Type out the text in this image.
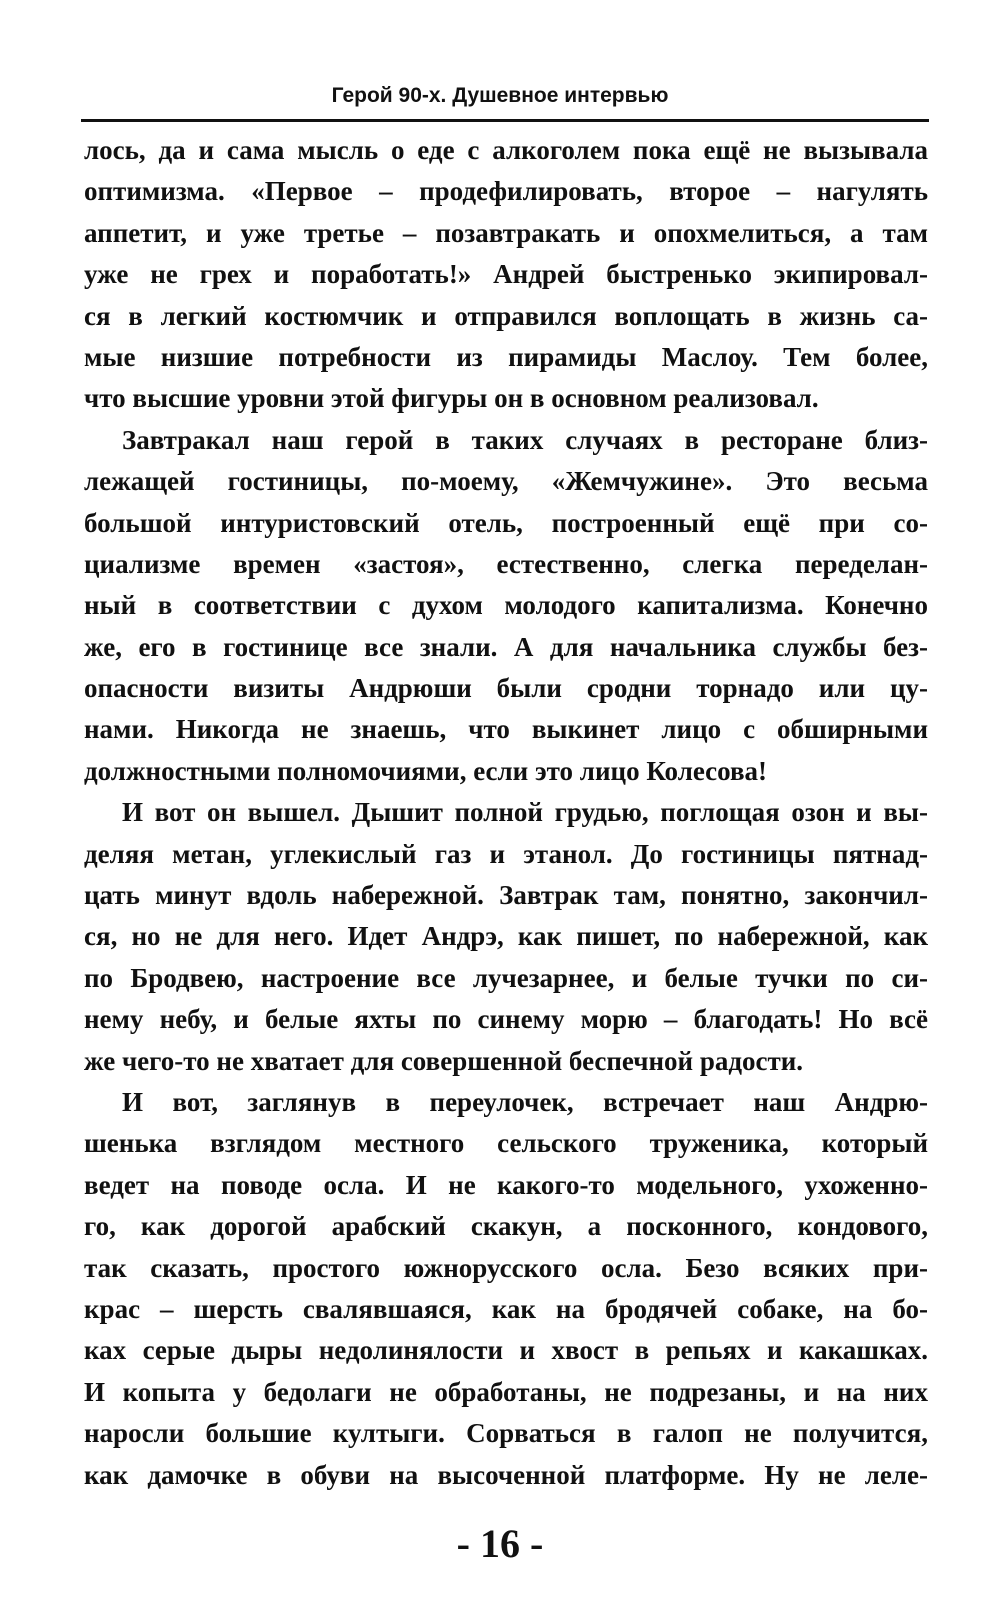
Герой 90-х. Душевное интервью
лось, да и сама мысль о еде с алкоголем пока ещё не вызывала
оптимизма. «Первое – продефилировать, второе – нагулять
аппетит, и уже третье – позавтракать и опохмелиться, а там
уже не грех и поработать!» Андрей быстренько экипировал-
ся в легкий костюмчик и отправился воплощать в жизнь са-
мые низшие потребности из пирамиды Маслоу. Тем более,
что высшие уровни этой фигуры он в основном реализовал.
Завтракал наш герой в таких случаях в ресторане близ-
лежащей гостиницы, по-моему, «Жемчужине». Это весьма
большой интуристовский отель, построенный ещё при со-
циализме времен «застоя», естественно, слегка переделан-
ный в соответствии с духом молодого капитализма. Конечно
же, его в гостинице все знали. А для начальника службы без-
опасности визиты Андрюши были сродни торнадо или цу-
нами. Никогда не знаешь, что выкинет лицо с обширными
должностными полномочиями, если это лицо Колесова!
И вот он вышел. Дышит полной грудью, поглощая озон и вы-
деляя метан, углекислый газ и этанол. До гостиницы пятнад-
цать минут вдоль набережной. Завтрак там, понятно, закончил-
ся, но не для него. Идет Андрэ, как пишет, по набережной, как
по Бродвею, настроение все лучезарнее, и белые тучки по си-
нему небу, и белые яхты по синему морю – благодать! Но всё
же чего-то не хватает для совершенной беспечной радости.
И вот, заглянув в переулочек, встречает наш Андрю-
шенька взглядом местного сельского труженика, который
ведет на поводе осла. И не какого-то модельного, ухоженно-
го, как дорогой арабский скакун, а посконного, кондового,
так сказать, простого южнорусского осла. Безо всяких при-
крас – шерсть свалявшаяся, как на бродячей собаке, на бо-
ках серые дыры недолинялости и хвост в репьях и какашках.
И копыта у бедолаги не обработаны, не подрезаны, и на них
наросли большие култыги. Сорваться в галоп не получится,
как дамочке в обуви на высоченной платформе. Ну не леле-
- 16 -
